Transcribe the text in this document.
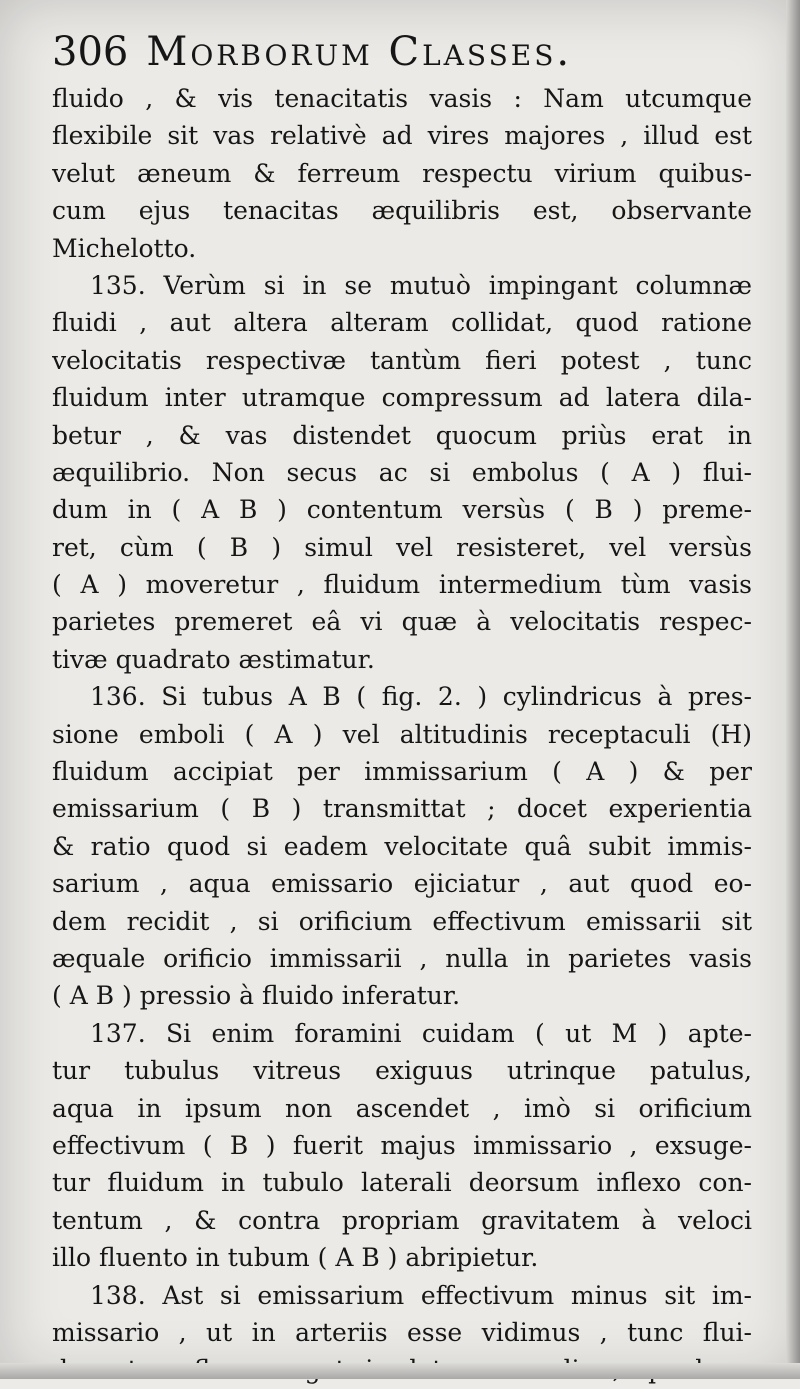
306 Morborum Classes.
fluido , & vis tenacitatis vasis : Nam utcumque
flexibile sit vas relativè ad vires majores , illud est
velut æneum & ferreum respectu virium quibus-
cum ejus tenacitas æquilibris est, observante
Michelotto.
135. Verùm si in se mutuò impingant columnæ
fluidi , aut altera alteram collidat, quod ratione
velocitatis respectivæ tantùm fieri potest , tunc
fluidum inter utramque compressum ad latera dila-
betur , & vas distendet quocum priùs erat in
æquilibrio. Non secus ac si embolus ( A ) flui-
dum in ( A B ) contentum versùs ( B ) preme-
ret, cùm ( B ) simul vel resisteret, vel versùs
( A ) moveretur , fluidum intermedium tùm vasis
parietes premeret eâ vi quæ à velocitatis respec-
tivæ quadrato æstimatur.
136. Si tubus A B ( fig. 2. ) cylindricus à pres-
sione emboli ( A ) vel altitudinis receptaculi (H)
fluidum accipiat per immissarium ( A ) & per
emissarium ( B ) transmittat ; docet experientia
& ratio quod si eadem velocitate quâ subit immis-
sarium , aqua emissario ejiciatur , aut quod eo-
dem recidit , si orificium effectivum emissarii sit
æquale orificio immissarii , nulla in parietes vasis
( A B ) pressio à fluido inferatur.
137. Si enim foramini cuidam ( ut M ) apte-
tur tubulus vitreus exiguus utrinque patulus,
aqua in ipsum non ascendet , imò si orificium
effectivum ( B ) fuerit majus immissario , exsuge-
tur fluidum in tubulo laterali deorsum inflexo con-
tentum , & contra propriam gravitatem à veloci
illo fluento in tubum ( A B ) abripietur.
138. Ast si emissarium effectivum minus sit im-
missario , ut in arteriis esse vidimus , tunc flui-
